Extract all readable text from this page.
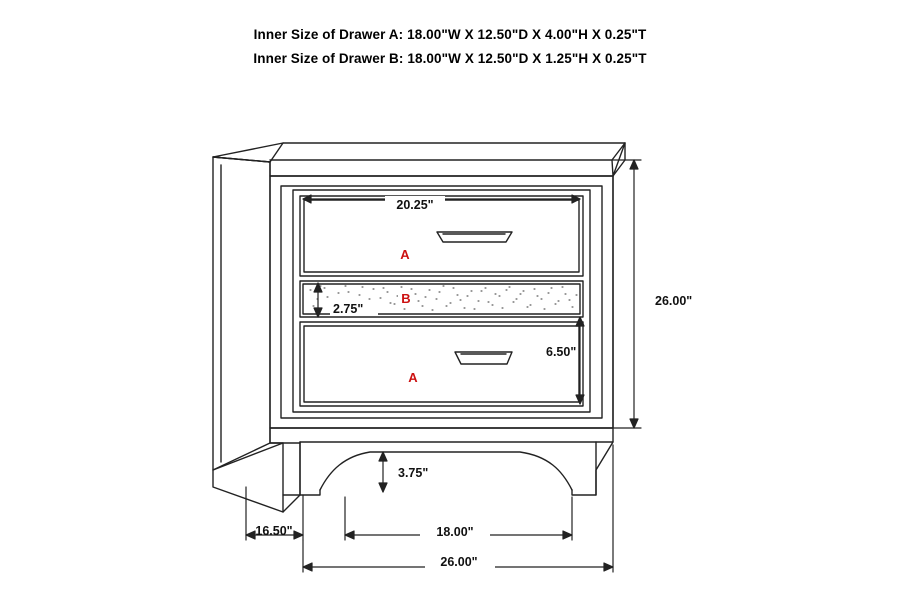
Inner Size of Drawer A: 18.00"W X 12.50"D X 4.00"H X 0.25"T
Inner Size of Drawer B: 18.00"W X 12.50"D X 1.25"H X 0.25"T
20.25"
26.00"
2.75"
6.50"
3.75"
16.50"	18.00"
26.00"
A
B
A
